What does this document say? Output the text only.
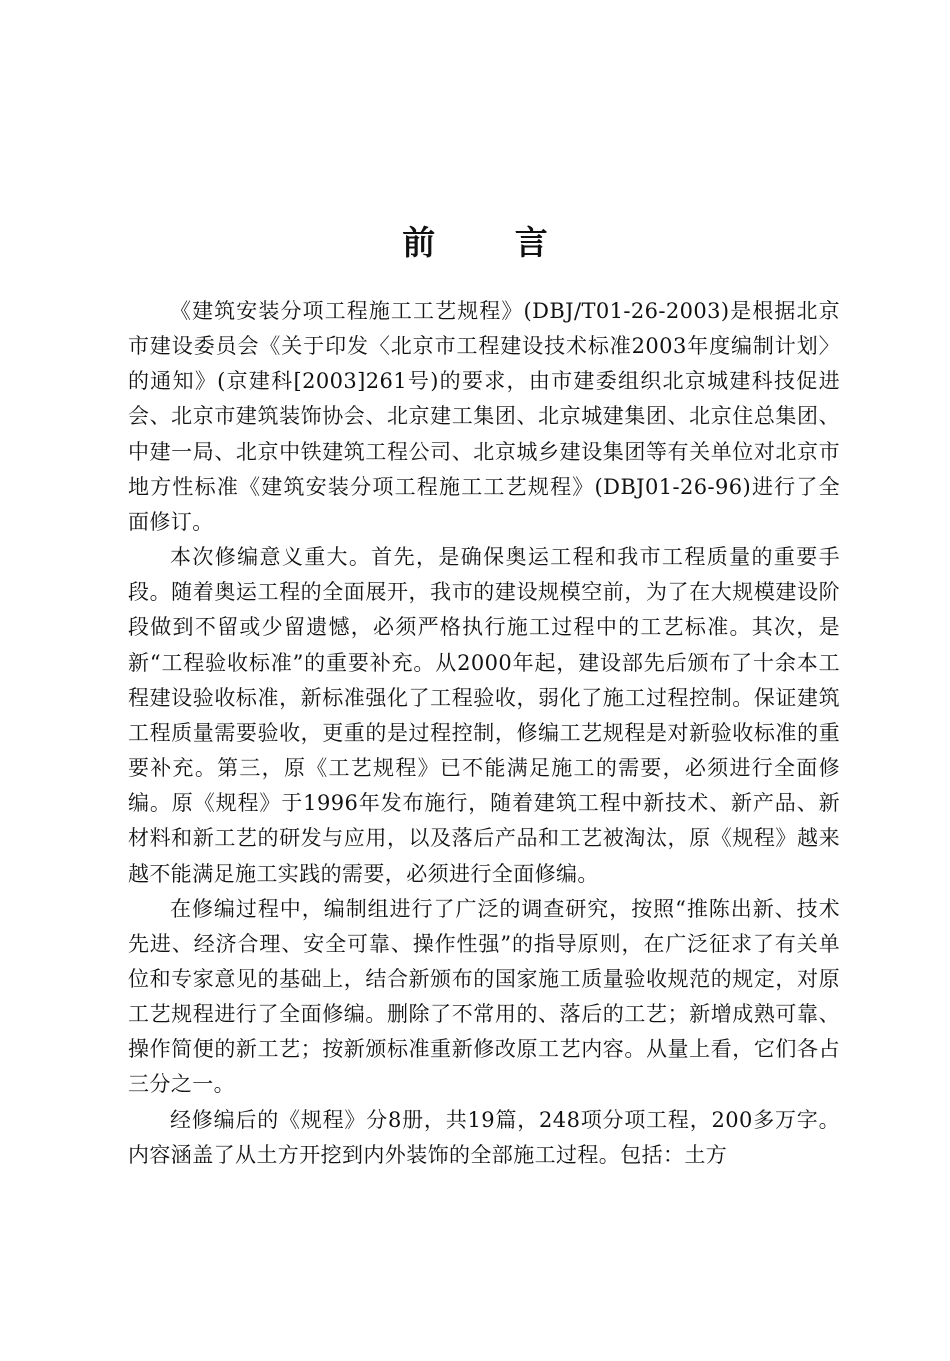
前 言

《建筑安装分项工程施工工艺规程》(DBJ/T01-26-2003)是根据北京市建设委员会《关于印发〈北京市工程建设技术标准2003年度编制计划〉的通知》(京建科[2003]261号)的要求，由市建委组织北京城建科技促进会、北京市建筑装饰协会、北京建工集团、北京城建集团、北京住总集团、中建一局、北京中铁建筑工程公司、北京城乡建设集团等有关单位对北京市地方性标准《建筑安装分项工程施工工艺规程》(DBJ01-26-96)进行了全面修订。

本次修编意义重大。首先，是确保奥运工程和我市工程质量的重要手段。随着奥运工程的全面展开，我市的建设规模空前，为了在大规模建设阶段做到不留或少留遗憾，必须严格执行施工过程中的工艺标准。其次，是新“工程验收标准”的重要补充。从2000年起，建设部先后颁布了十余本工程建设验收标准，新标准强化了工程验收，弱化了施工过程控制。保证建筑工程质量需要验收，更重的是过程控制，修编工艺规程是对新验收标准的重要补充。第三，原《工艺规程》已不能满足施工的需要，必须进行全面修编。原《规程》于1996年发布施行，随着建筑工程中新技术、新产品、新材料和新工艺的研发与应用，以及落后产品和工艺被淘汰，原《规程》越来越不能满足施工实践的需要，必须进行全面修编。

在修编过程中，编制组进行了广泛的调查研究，按照“推陈出新、技术先进、经济合理、安全可靠、操作性强”的指导原则，在广泛征求了有关单位和专家意见的基础上，结合新颁布的国家施工质量验收规范的规定，对原工艺规程进行了全面修编。删除了不常用的、落后的工艺；新增成熟可靠、操作简便的新工艺；按新颁标准重新修改原工艺内容。从量上看，它们各占三分之一。

经修编后的《规程》分8册，共19篇，248项分项工程，200多万字。内容涵盖了从土方开挖到内外装饰的全部施工过程。包括：土方
